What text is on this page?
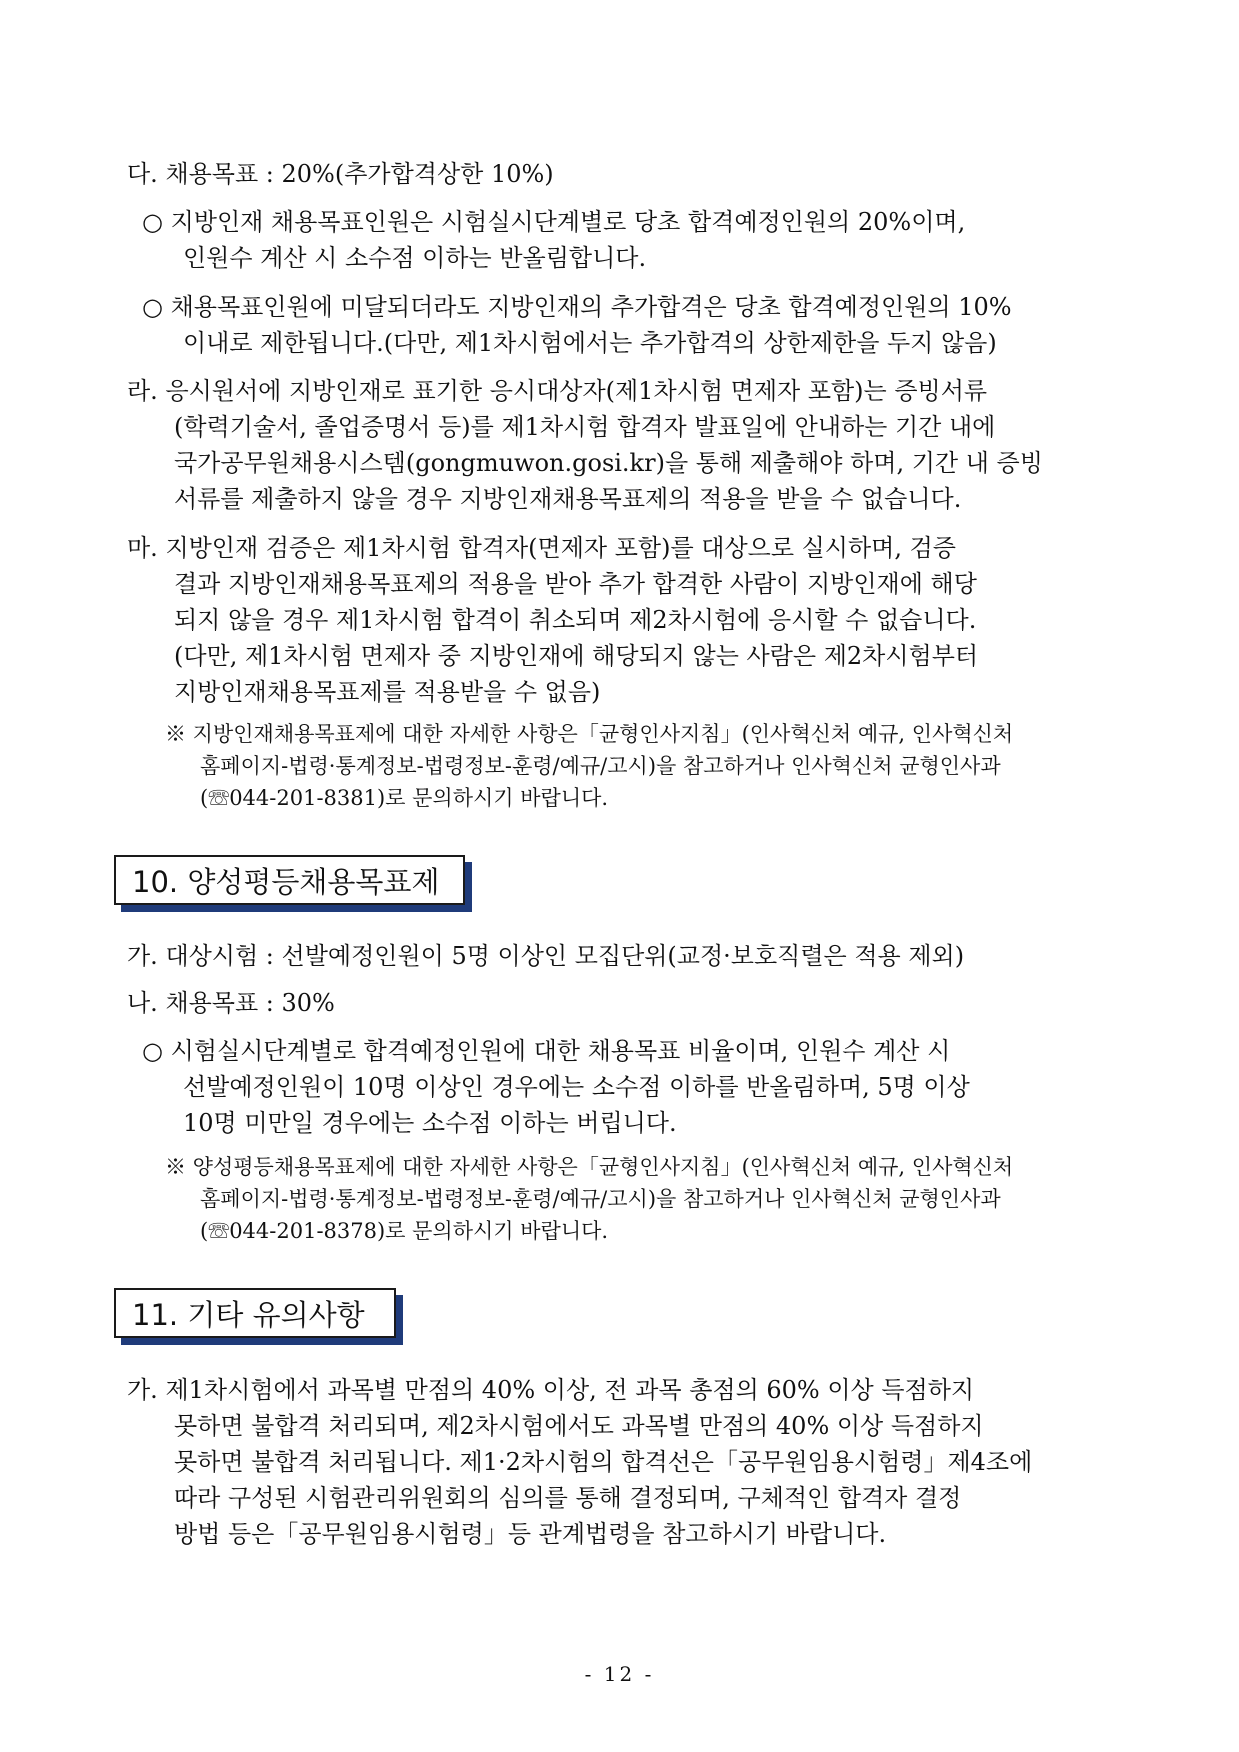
다. 채용목표 : 20%(추가합격상한 10%)
○ 지방인재 채용목표인원은 시험실시단계별로 당초 합격예정인원의 20%이며,
인원수 계산 시 소수점 이하는 반올림합니다.
○ 채용목표인원에 미달되더라도 지방인재의 추가합격은 당초 합격예정인원의 10%
이내로 제한됩니다.(다만, 제1차시험에서는 추가합격의 상한제한을 두지 않음)
라. 응시원서에 지방인재로 표기한 응시대상자(제1차시험 면제자 포함)는 증빙서류
(학력기술서, 졸업증명서 등)를 제1차시험 합격자 발표일에 안내하는 기간 내에
국가공무원채용시스템(gongmuwon.gosi.kr)을 통해 제출해야 하며, 기간 내 증빙
서류를 제출하지 않을 경우 지방인재채용목표제의 적용을 받을 수 없습니다.
마. 지방인재 검증은 제1차시험 합격자(면제자 포함)를 대상으로 실시하며, 검증
결과 지방인재채용목표제의 적용을 받아 추가 합격한 사람이 지방인재에 해당
되지 않을 경우 제1차시험 합격이 취소되며 제2차시험에 응시할 수 없습니다.
(다만, 제1차시험 면제자 중 지방인재에 해당되지 않는 사람은 제2차시험부터
지방인재채용목표제를 적용받을 수 없음)
※ 지방인재채용목표제에 대한 자세한 사항은「균형인사지침」(인사혁신처 예규, 인사혁신처
홈페이지-법령·통계정보-법령정보-훈령/예규/고시)을 참고하거나 인사혁신처 균형인사과
(☏044-201-8381)로 문의하시기 바랍니다.
10. 양성평등채용목표제
가. 대상시험 : 선발예정인원이 5명 이상인 모집단위(교정·보호직렬은 적용 제외)
나. 채용목표 : 30%
○ 시험실시단계별로 합격예정인원에 대한 채용목표 비율이며, 인원수 계산 시
선발예정인원이 10명 이상인 경우에는 소수점 이하를 반올림하며, 5명 이상
10명 미만일 경우에는 소수점 이하는 버립니다.
※ 양성평등채용목표제에 대한 자세한 사항은「균형인사지침」(인사혁신처 예규, 인사혁신처
홈페이지-법령·통계정보-법령정보-훈령/예규/고시)을 참고하거나 인사혁신처 균형인사과
(☏044-201-8378)로 문의하시기 바랍니다.
11. 기타 유의사항
가. 제1차시험에서 과목별 만점의 40% 이상, 전 과목 총점의 60% 이상 득점하지
못하면 불합격 처리되며, 제2차시험에서도 과목별 만점의 40% 이상 득점하지
못하면 불합격 처리됩니다. 제1·2차시험의 합격선은「공무원임용시험령」제4조에
따라 구성된 시험관리위원회의 심의를 통해 결정되며, 구체적인 합격자 결정
방법 등은「공무원임용시험령」등 관계법령을 참고하시기 바랍니다.
- 12 -
